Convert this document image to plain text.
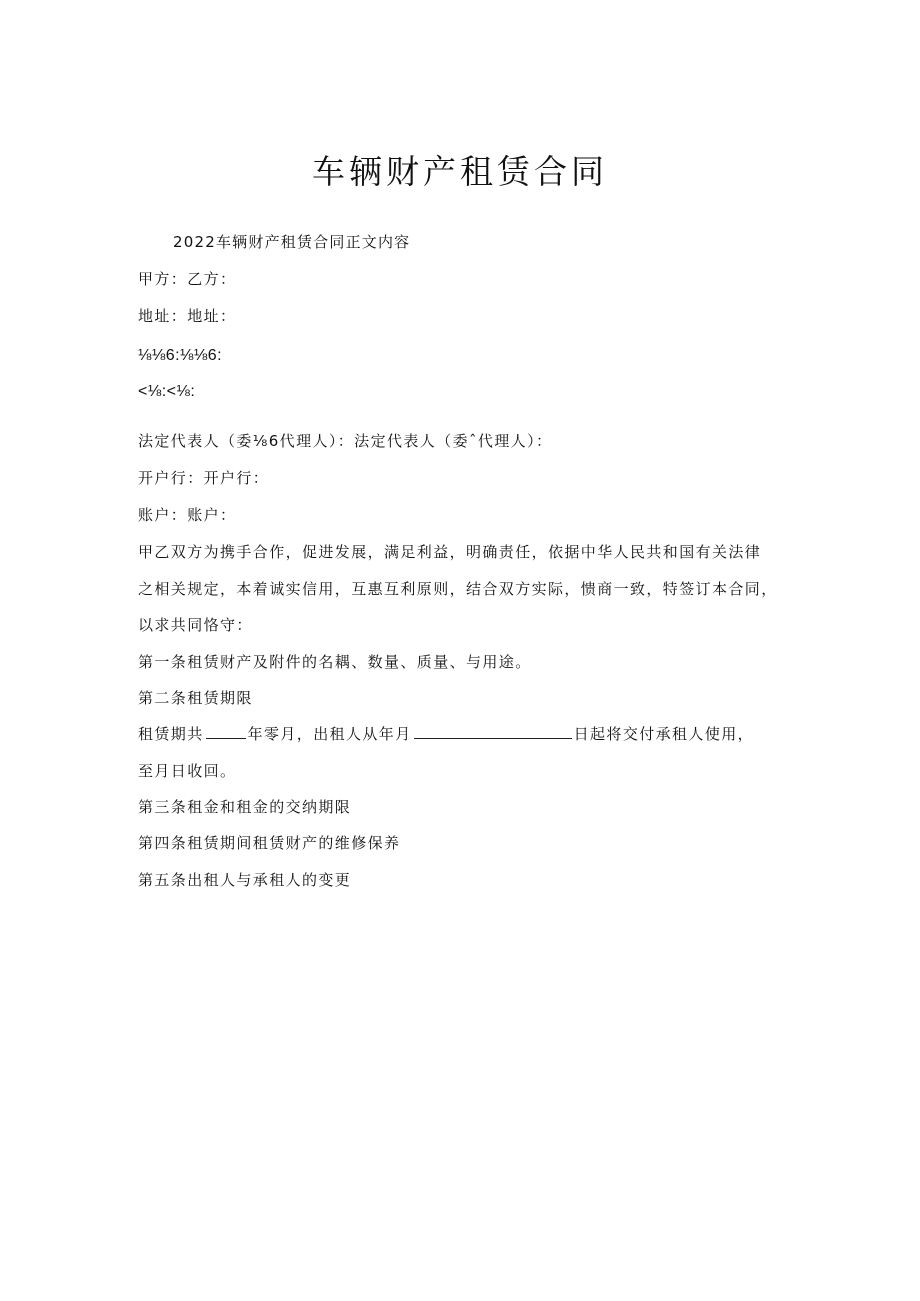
车辆财产租赁合同
2022车辆财产租赁合同正文内容
甲方：乙方：
地址：地址：
⅛⅛6:⅛⅛6:
<⅛:<⅛:
法定代表人（委⅛6代理人）：法定代表人（委ˆ代理人）：
开户行：开户行：
账户：账户：
甲乙双方为携手合作，促进发展，满足利益，明确责任，依据中华人民共和国有关法律
之相关规定，本着诚实信用，互惠互利原则，结合双方实际，愦商一致，特签订本合同，
以求共同恪守：
第一条租赁财产及附件的名耦、数量、质量、与用途。
第二条租赁期限
租赁期共	年零月，出租人从年月	日起将交付承租人使用，
至月日收回。
第三条租金和租金的交纳期限
第四条租赁期间租赁财产的维修保养
第五条出租人与承租人的变更
